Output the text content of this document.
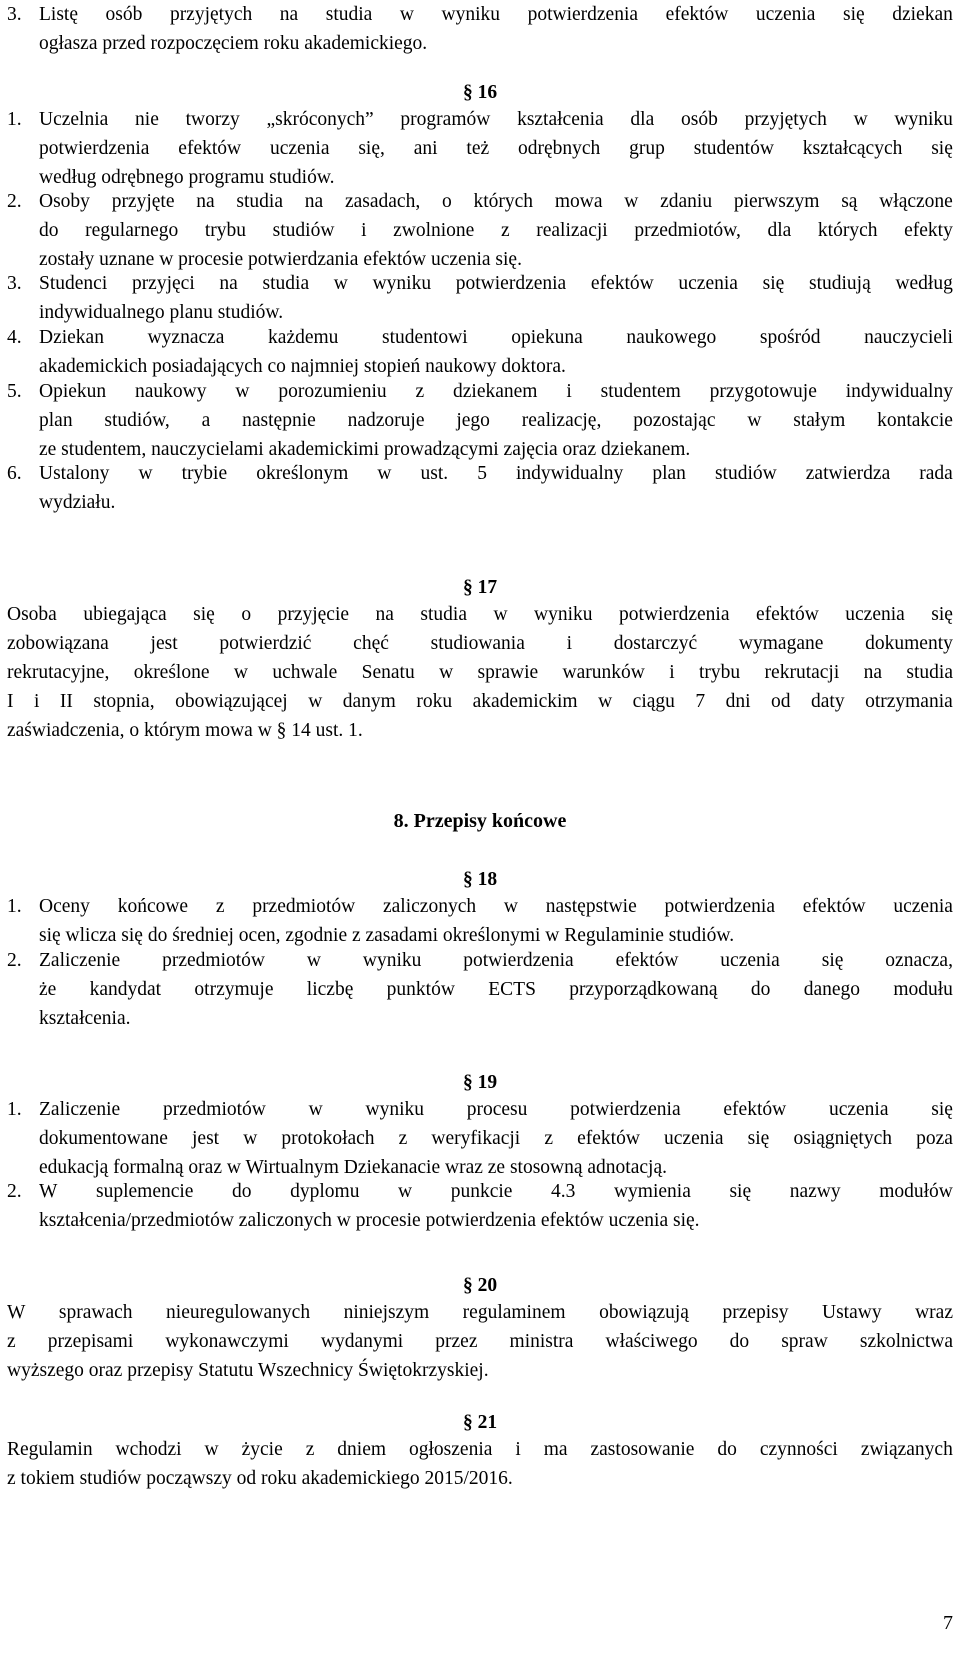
3. Listę osób przyjętych na studia w wyniku potwierdzenia efektów uczenia się dziekan
ogłasza przed rozpoczęciem roku akademickiego.
§ 16
1. Uczelnia nie tworzy „skróconych” programów kształcenia dla osób przyjętych w wyniku
potwierdzenia efektów uczenia się, ani też odrębnych grup studentów kształcących się
według odrębnego programu studiów.
2. Osoby przyjęte na studia na zasadach, o których mowa w zdaniu pierwszym są włączone
do regularnego trybu studiów i zwolnione z realizacji przedmiotów, dla których efekty
zostały uznane w procesie potwierdzania efektów uczenia się.
3. Studenci przyjęci na studia w wyniku potwierdzenia efektów uczenia się studiują według
indywidualnego planu studiów.
4. Dziekan wyznacza każdemu studentowi opiekuna naukowego spośród nauczycieli
akademickich posiadających co najmniej stopień naukowy doktora.
5. Opiekun naukowy w porozumieniu z dziekanem i studentem przygotowuje indywidualny
plan studiów, a następnie nadzoruje jego realizację, pozostając w stałym kontakcie
ze studentem, nauczycielami akademickimi prowadzącymi zajęcia oraz dziekanem.
6. Ustalony w trybie określonym w ust. 5 indywidualny plan studiów zatwierdza rada
wydziału.
§ 17
Osoba ubiegająca się o przyjęcie na studia w wyniku potwierdzenia efektów uczenia się
zobowiązana jest potwierdzić chęć studiowania i dostarczyć wymagane dokumenty
rekrutacyjne, określone w uchwale Senatu w sprawie warunków i trybu rekrutacji na studia
I i II stopnia, obowiązującej w danym roku akademickim w ciągu 7 dni od daty otrzymania
zaświadczenia, o którym mowa w § 14 ust. 1.
8. Przepisy końcowe
§ 18
1. Oceny końcowe z przedmiotów zaliczonych w następstwie potwierdzenia efektów uczenia
się wlicza się do średniej ocen, zgodnie z zasadami określonymi w Regulaminie studiów.
2. Zaliczenie przedmiotów w wyniku potwierdzenia efektów uczenia się oznacza,
że kandydat otrzymuje liczbę punktów ECTS przyporządkowaną do danego modułu
kształcenia.
§ 19
1. Zaliczenie przedmiotów w wyniku procesu potwierdzenia efektów uczenia się
dokumentowane jest w protokołach z weryfikacji z efektów uczenia się osiągniętych poza
edukacją formalną oraz w Wirtualnym Dziekanacie wraz ze stosowną adnotacją.
2. W suplemencie do dyplomu w punkcie 4.3 wymienia się nazwy modułów
kształcenia/przedmiotów zaliczonych w procesie potwierdzenia efektów uczenia się.
§ 20
W sprawach nieuregulowanych niniejszym regulaminem obowiązują przepisy Ustawy wraz
z przepisami wykonawczymi wydanymi przez ministra właściwego do spraw szkolnictwa
wyższego oraz przepisy Statutu Wszechnicy Świętokrzyskiej.
§ 21
Regulamin wchodzi w życie z dniem ogłoszenia i ma zastosowanie do czynności związanych
z tokiem studiów począwszy od roku akademickiego 2015/2016.
7
